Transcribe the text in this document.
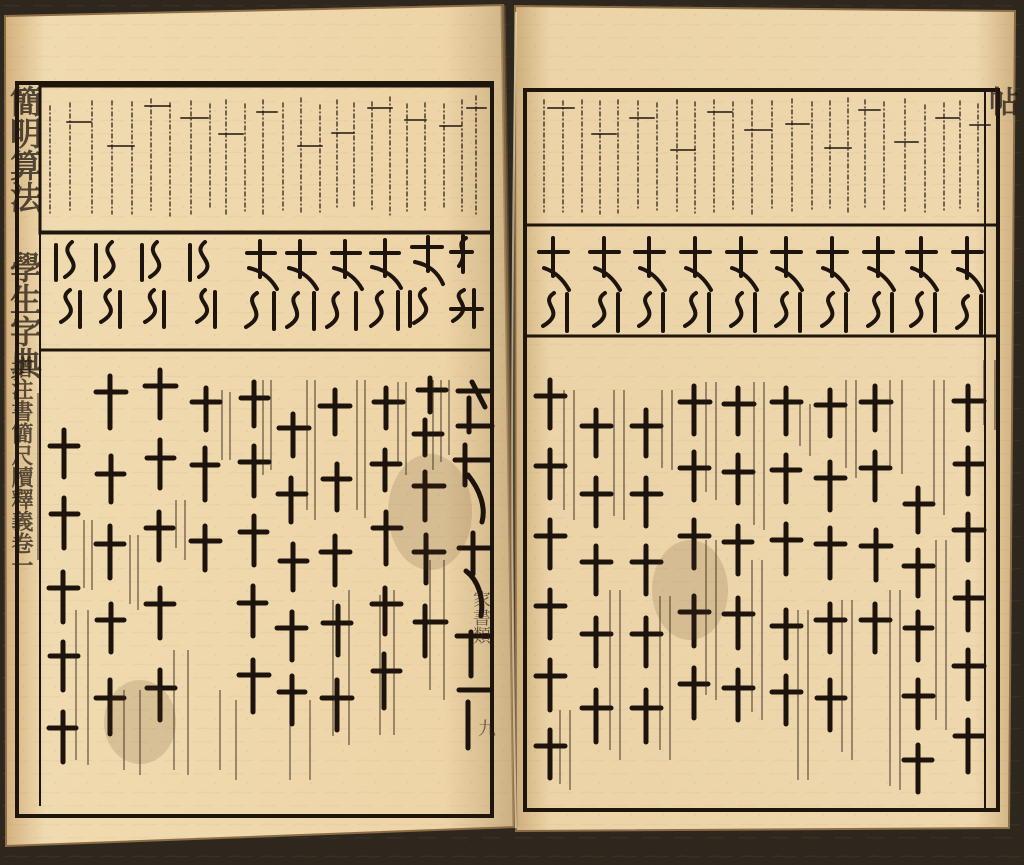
簡明算法 學生字典
增注書簡尺牘釋義卷一
帖
家書類
九
